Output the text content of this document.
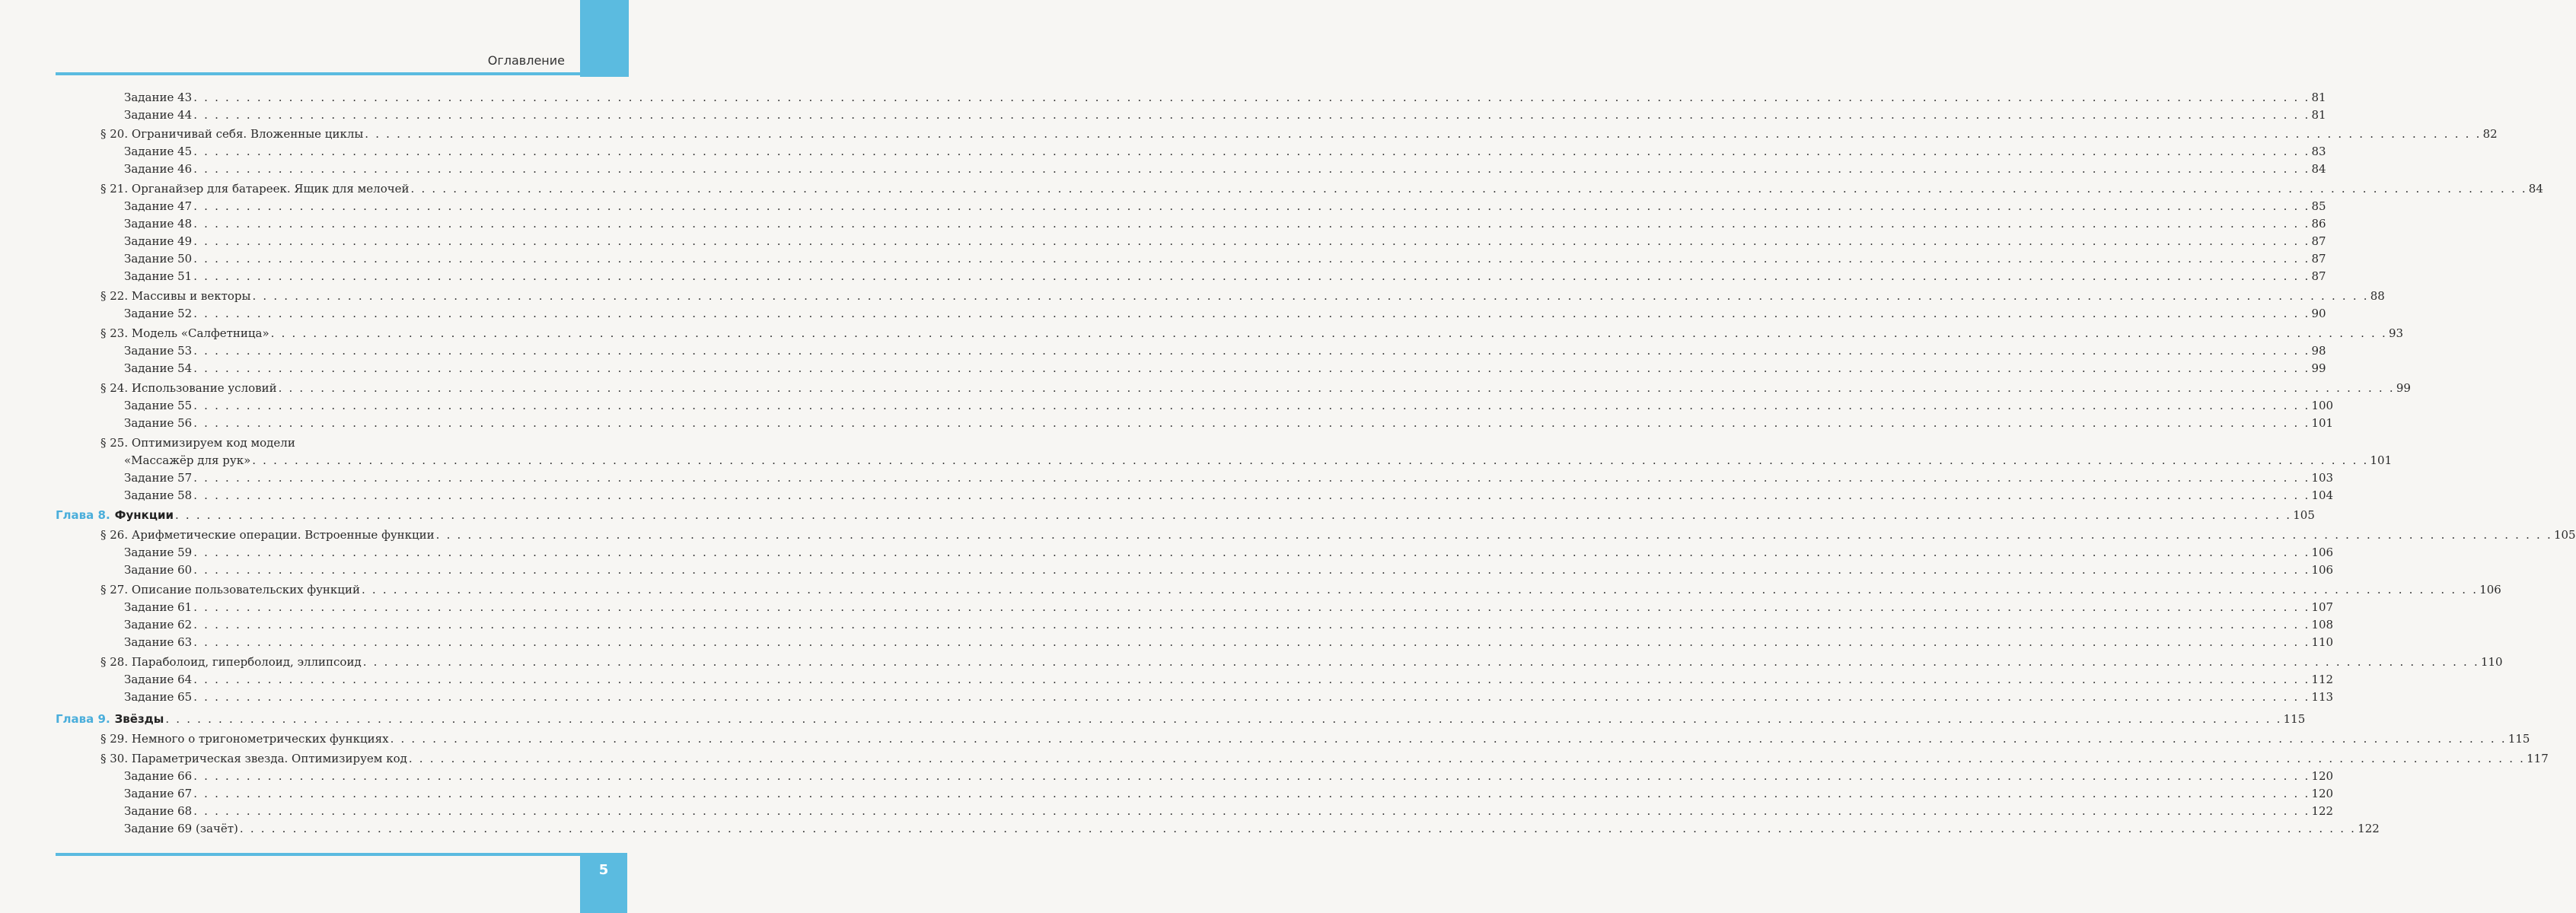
Оглавление
Задание 43 . . . . . . . . . . . . . . . . . . . . . . . . . . . . . . . . . . . . . . . . . . . . . . . . . . . . . . . . . . . . . . . . . . . . . . . . . . . . . . . . . . . . . . . . . . . . . . . . . . . . . . . . . . . . . . . . . . . . . . . . . . . . . . . . . . . . . . . . . . . . . . . . . . . . . . . . . . . . . . . . . . . . . . . . . . . . . . . . . . . . . . . . . . . . . . . . . . . . . . . . 81
Задание 44 . . . . . . . . . . . . . . . . . . . . . . . . . . . . . . . . . . . . . . . . . . . . . . . . . . . . . . . . . . . . . . . . . . . . . . . . . . . . . . . . . . . . . . . . . . . . . . . . . . . . . . . . . . . . . . . . . . . . . . . . . . . . . . . . . . . . . . . . . . . . . . . . . . . . . . . . . . . . . . . . . . . . . . . . . . . . . . . . . . . . . . . . . . . . . . . . . . . . . . . . 81
§ 20. Ограничивай себя. Вложенные циклы . . . . . . . . . . . . . . . . . . . . . . . . . . . . . . . . . . . . . . . . . . . . . . . . . . . . . . . . . . . . . . . . . . . . . . . . . . . . . . . . . . . . . . . . . . . . . . . . . . . . . . . . . . . . . . . . . . . . . . . . . . . . . . . . . . . . . . . . . . . . . . . . . . . . . . . . . . . . . . . . . . . . . . . . . . . . . . . . . . . . . . . . . . . . . . . . . . . . . . . . 82
Задание 45 . . . . . . . . . . . . . . . . . . . . . . . . . . . . . . . . . . . . . . . . . . . . . . . . . . . . . . . . . . . . . . . . . . . . . . . . . . . . . . . . . . . . . . . . . . . . . . . . . . . . . . . . . . . . . . . . . . . . . . . . . . . . . . . . . . . . . . . . . . . . . . . . . . . . . . . . . . . . . . . . . . . . . . . . . . . . . . . . . . . . . . . . . . . . . . . . . . . . . . . . 83
Задание 46 . . . . . . . . . . . . . . . . . . . . . . . . . . . . . . . . . . . . . . . . . . . . . . . . . . . . . . . . . . . . . . . . . . . . . . . . . . . . . . . . . . . . . . . . . . . . . . . . . . . . . . . . . . . . . . . . . . . . . . . . . . . . . . . . . . . . . . . . . . . . . . . . . . . . . . . . . . . . . . . . . . . . . . . . . . . . . . . . . . . . . . . . . . . . . . . . . . . . . . . . 84
§ 21. Органайзер для батареек. Ящик для мелочей . . . . . . . . . . . . . . . . . . . . . . . . . . . . . . . . . . . . . . . . . . . . . . . . . . . . . . . . . . . . . . . . . . . . . . . . . . . . . . . . . . . . . . . . . . . . . . . . . . . . . . . . . . . . . . . . . . . . . . . . . . . . . . . . . . . . . . . . . . . . . . . . . . . . . . . . . . . . . . . . . . . . . . . . . . . . . . . . . . . . . . . . . . . . . . . . . . . . . . . . 84
Задание 47 . . . . . . . . . . . . . . . . . . . . . . . . . . . . . . . . . . . . . . . . . . . . . . . . . . . . . . . . . . . . . . . . . . . . . . . . . . . . . . . . . . . . . . . . . . . . . . . . . . . . . . . . . . . . . . . . . . . . . . . . . . . . . . . . . . . . . . . . . . . . . . . . . . . . . . . . . . . . . . . . . . . . . . . . . . . . . . . . . . . . . . . . . . . . . . . . . . . . . . . . 85
Задание 48 . . . . . . . . . . . . . . . . . . . . . . . . . . . . . . . . . . . . . . . . . . . . . . . . . . . . . . . . . . . . . . . . . . . . . . . . . . . . . . . . . . . . . . . . . . . . . . . . . . . . . . . . . . . . . . . . . . . . . . . . . . . . . . . . . . . . . . . . . . . . . . . . . . . . . . . . . . . . . . . . . . . . . . . . . . . . . . . . . . . . . . . . . . . . . . . . . . . . . . . . 86
Задание 49 . . . . . . . . . . . . . . . . . . . . . . . . . . . . . . . . . . . . . . . . . . . . . . . . . . . . . . . . . . . . . . . . . . . . . . . . . . . . . . . . . . . . . . . . . . . . . . . . . . . . . . . . . . . . . . . . . . . . . . . . . . . . . . . . . . . . . . . . . . . . . . . . . . . . . . . . . . . . . . . . . . . . . . . . . . . . . . . . . . . . . . . . . . . . . . . . . . . . . . . . 87
Задание 50 . . . . . . . . . . . . . . . . . . . . . . . . . . . . . . . . . . . . . . . . . . . . . . . . . . . . . . . . . . . . . . . . . . . . . . . . . . . . . . . . . . . . . . . . . . . . . . . . . . . . . . . . . . . . . . . . . . . . . . . . . . . . . . . . . . . . . . . . . . . . . . . . . . . . . . . . . . . . . . . . . . . . . . . . . . . . . . . . . . . . . . . . . . . . . . . . . . . . . . . . 87
Задание 51 . . . . . . . . . . . . . . . . . . . . . . . . . . . . . . . . . . . . . . . . . . . . . . . . . . . . . . . . . . . . . . . . . . . . . . . . . . . . . . . . . . . . . . . . . . . . . . . . . . . . . . . . . . . . . . . . . . . . . . . . . . . . . . . . . . . . . . . . . . . . . . . . . . . . . . . . . . . . . . . . . . . . . . . . . . . . . . . . . . . . . . . . . . . . . . . . . . . . . . . . 87
§ 22. Массивы и векторы . . . . . . . . . . . . . . . . . . . . . . . . . . . . . . . . . . . . . . . . . . . . . . . . . . . . . . . . . . . . . . . . . . . . . . . . . . . . . . . . . . . . . . . . . . . . . . . . . . . . . . . . . . . . . . . . . . . . . . . . . . . . . . . . . . . . . . . . . . . . . . . . . . . . . . . . . . . . . . . . . . . . . . . . . . . . . . . . . . . . . . . . . . . . . . . . . . . . . . . . 88
Задание 52 . . . . . . . . . . . . . . . . . . . . . . . . . . . . . . . . . . . . . . . . . . . . . . . . . . . . . . . . . . . . . . . . . . . . . . . . . . . . . . . . . . . . . . . . . . . . . . . . . . . . . . . . . . . . . . . . . . . . . . . . . . . . . . . . . . . . . . . . . . . . . . . . . . . . . . . . . . . . . . . . . . . . . . . . . . . . . . . . . . . . . . . . . . . . . . . . . . . . . . . . 90
§ 23. Модель «Салфетница» . . . . . . . . . . . . . . . . . . . . . . . . . . . . . . . . . . . . . . . . . . . . . . . . . . . . . . . . . . . . . . . . . . . . . . . . . . . . . . . . . . . . . . . . . . . . . . . . . . . . . . . . . . . . . . . . . . . . . . . . . . . . . . . . . . . . . . . . . . . . . . . . . . . . . . . . . . . . . . . . . . . . . . . . . . . . . . . . . . . . . . . . . . . . . . . . . . . . . . . . 93
Задание 53 . . . . . . . . . . . . . . . . . . . . . . . . . . . . . . . . . . . . . . . . . . . . . . . . . . . . . . . . . . . . . . . . . . . . . . . . . . . . . . . . . . . . . . . . . . . . . . . . . . . . . . . . . . . . . . . . . . . . . . . . . . . . . . . . . . . . . . . . . . . . . . . . . . . . . . . . . . . . . . . . . . . . . . . . . . . . . . . . . . . . . . . . . . . . . . . . . . . . . . . . 98
Задание 54 . . . . . . . . . . . . . . . . . . . . . . . . . . . . . . . . . . . . . . . . . . . . . . . . . . . . . . . . . . . . . . . . . . . . . . . . . . . . . . . . . . . . . . . . . . . . . . . . . . . . . . . . . . . . . . . . . . . . . . . . . . . . . . . . . . . . . . . . . . . . . . . . . . . . . . . . . . . . . . . . . . . . . . . . . . . . . . . . . . . . . . . . . . . . . . . . . . . . . . . . 99
§ 24. Использование условий . . . . . . . . . . . . . . . . . . . . . . . . . . . . . . . . . . . . . . . . . . . . . . . . . . . . . . . . . . . . . . . . . . . . . . . . . . . . . . . . . . . . . . . . . . . . . . . . . . . . . . . . . . . . . . . . . . . . . . . . . . . . . . . . . . . . . . . . . . . . . . . . . . . . . . . . . . . . . . . . . . . . . . . . . . . . . . . . . . . . . . . . . . . . . . . . . . . . . . . . 99
Задание 55 . . . . . . . . . . . . . . . . . . . . . . . . . . . . . . . . . . . . . . . . . . . . . . . . . . . . . . . . . . . . . . . . . . . . . . . . . . . . . . . . . . . . . . . . . . . . . . . . . . . . . . . . . . . . . . . . . . . . . . . . . . . . . . . . . . . . . . . . . . . . . . . . . . . . . . . . . . . . . . . . . . . . . . . . . . . . . . . . . . . . . . . . . . . . . . . . . . . . . . . . 100
Задание 56 . . . . . . . . . . . . . . . . . . . . . . . . . . . . . . . . . . . . . . . . . . . . . . . . . . . . . . . . . . . . . . . . . . . . . . . . . . . . . . . . . . . . . . . . . . . . . . . . . . . . . . . . . . . . . . . . . . . . . . . . . . . . . . . . . . . . . . . . . . . . . . . . . . . . . . . . . . . . . . . . . . . . . . . . . . . . . . . . . . . . . . . . . . . . . . . . . . . . . . . . 101
§ 25. Оптимизируем код модели
«Массажёр для рук» . . . . . . . . . . . . . . . . . . . . . . . . . . . . . . . . . . . . . . . . . . . . . . . . . . . . . . . . . . . . . . . . . . . . . . . . . . . . . . . . . . . . . . . . . . . . . . . . . . . . . . . . . . . . . . . . . . . . . . . . . . . . . . . . . . . . . . . . . . . . . . . . . . . . . . . . . . . . . . . . . . . . . . . . . . . . . . . . . . . . . . . . . . . . . . . . . . . . . . . . 101
Задание 57 . . . . . . . . . . . . . . . . . . . . . . . . . . . . . . . . . . . . . . . . . . . . . . . . . . . . . . . . . . . . . . . . . . . . . . . . . . . . . . . . . . . . . . . . . . . . . . . . . . . . . . . . . . . . . . . . . . . . . . . . . . . . . . . . . . . . . . . . . . . . . . . . . . . . . . . . . . . . . . . . . . . . . . . . . . . . . . . . . . . . . . . . . . . . . . . . . . . . . . . . 103
Задание 58 . . . . . . . . . . . . . . . . . . . . . . . . . . . . . . . . . . . . . . . . . . . . . . . . . . . . . . . . . . . . . . . . . . . . . . . . . . . . . . . . . . . . . . . . . . . . . . . . . . . . . . . . . . . . . . . . . . . . . . . . . . . . . . . . . . . . . . . . . . . . . . . . . . . . . . . . . . . . . . . . . . . . . . . . . . . . . . . . . . . . . . . . . . . . . . . . . . . . . . . . 104
Глава 8. Функции . . . . . . . . . . . . . . . . . . . . . . . . . . . . . . . . . . . . . . . . . . . . . . . . . . . . . . . . . . . . . . . . . . . . . . . . . . . . . . . . . . . . . . . . . . . . . . . . . . . . . . . . . . . . . . . . . . . . . . . . . . . . . . . . . . . . . . . . . . . . . . . . . . . . . . . . . . . . . . . . . . . . . . . . . . . . . . . . . . . . . . . . . . . . . . . . . . . . . . . . 105
§ 26. Арифметические операции. Встроенные функции . . . . . . . . . . . . . . . . . . . . . . . . . . . . . . . . . . . . . . . . . . . . . . . . . . . . . . . . . . . . . . . . . . . . . . . . . . . . . . . . . . . . . . . . . . . . . . . . . . . . . . . . . . . . . . . . . . . . . . . . . . . . . . . . . . . . . . . . . . . . . . . . . . . . . . . . . . . . . . . . . . . . . . . . . . . . . . . . . . . . . . . . . . . . . . . . . . . . . . . . 105
Задание 59 . . . . . . . . . . . . . . . . . . . . . . . . . . . . . . . . . . . . . . . . . . . . . . . . . . . . . . . . . . . . . . . . . . . . . . . . . . . . . . . . . . . . . . . . . . . . . . . . . . . . . . . . . . . . . . . . . . . . . . . . . . . . . . . . . . . . . . . . . . . . . . . . . . . . . . . . . . . . . . . . . . . . . . . . . . . . . . . . . . . . . . . . . . . . . . . . . . . . . . . . 106
Задание 60 . . . . . . . . . . . . . . . . . . . . . . . . . . . . . . . . . . . . . . . . . . . . . . . . . . . . . . . . . . . . . . . . . . . . . . . . . . . . . . . . . . . . . . . . . . . . . . . . . . . . . . . . . . . . . . . . . . . . . . . . . . . . . . . . . . . . . . . . . . . . . . . . . . . . . . . . . . . . . . . . . . . . . . . . . . . . . . . . . . . . . . . . . . . . . . . . . . . . . . . . 106
§ 27. Описание пользовательских функций . . . . . . . . . . . . . . . . . . . . . . . . . . . . . . . . . . . . . . . . . . . . . . . . . . . . . . . . . . . . . . . . . . . . . . . . . . . . . . . . . . . . . . . . . . . . . . . . . . . . . . . . . . . . . . . . . . . . . . . . . . . . . . . . . . . . . . . . . . . . . . . . . . . . . . . . . . . . . . . . . . . . . . . . . . . . . . . . . . . . . . . . . . . . . . . . . . . . . . . . 106
Задание 61 . . . . . . . . . . . . . . . . . . . . . . . . . . . . . . . . . . . . . . . . . . . . . . . . . . . . . . . . . . . . . . . . . . . . . . . . . . . . . . . . . . . . . . . . . . . . . . . . . . . . . . . . . . . . . . . . . . . . . . . . . . . . . . . . . . . . . . . . . . . . . . . . . . . . . . . . . . . . . . . . . . . . . . . . . . . . . . . . . . . . . . . . . . . . . . . . . . . . . . . . 107
Задание 62 . . . . . . . . . . . . . . . . . . . . . . . . . . . . . . . . . . . . . . . . . . . . . . . . . . . . . . . . . . . . . . . . . . . . . . . . . . . . . . . . . . . . . . . . . . . . . . . . . . . . . . . . . . . . . . . . . . . . . . . . . . . . . . . . . . . . . . . . . . . . . . . . . . . . . . . . . . . . . . . . . . . . . . . . . . . . . . . . . . . . . . . . . . . . . . . . . . . . . . . . 108
Задание 63 . . . . . . . . . . . . . . . . . . . . . . . . . . . . . . . . . . . . . . . . . . . . . . . . . . . . . . . . . . . . . . . . . . . . . . . . . . . . . . . . . . . . . . . . . . . . . . . . . . . . . . . . . . . . . . . . . . . . . . . . . . . . . . . . . . . . . . . . . . . . . . . . . . . . . . . . . . . . . . . . . . . . . . . . . . . . . . . . . . . . . . . . . . . . . . . . . . . . . . . . 110
§ 28. Параболоид, гиперболоид, эллипсоид . . . . . . . . . . . . . . . . . . . . . . . . . . . . . . . . . . . . . . . . . . . . . . . . . . . . . . . . . . . . . . . . . . . . . . . . . . . . . . . . . . . . . . . . . . . . . . . . . . . . . . . . . . . . . . . . . . . . . . . . . . . . . . . . . . . . . . . . . . . . . . . . . . . . . . . . . . . . . . . . . . . . . . . . . . . . . . . . . . . . . . . . . . . . . . . . . . . . . . . . 110
Задание 64 . . . . . . . . . . . . . . . . . . . . . . . . . . . . . . . . . . . . . . . . . . . . . . . . . . . . . . . . . . . . . . . . . . . . . . . . . . . . . . . . . . . . . . . . . . . . . . . . . . . . . . . . . . . . . . . . . . . . . . . . . . . . . . . . . . . . . . . . . . . . . . . . . . . . . . . . . . . . . . . . . . . . . . . . . . . . . . . . . . . . . . . . . . . . . . . . . . . . . . . . 112
Задание 65 . . . . . . . . . . . . . . . . . . . . . . . . . . . . . . . . . . . . . . . . . . . . . . . . . . . . . . . . . . . . . . . . . . . . . . . . . . . . . . . . . . . . . . . . . . . . . . . . . . . . . . . . . . . . . . . . . . . . . . . . . . . . . . . . . . . . . . . . . . . . . . . . . . . . . . . . . . . . . . . . . . . . . . . . . . . . . . . . . . . . . . . . . . . . . . . . . . . . . . . . 113
Глава 9. Звёзды . . . . . . . . . . . . . . . . . . . . . . . . . . . . . . . . . . . . . . . . . . . . . . . . . . . . . . . . . . . . . . . . . . . . . . . . . . . . . . . . . . . . . . . . . . . . . . . . . . . . . . . . . . . . . . . . . . . . . . . . . . . . . . . . . . . . . . . . . . . . . . . . . . . . . . . . . . . . . . . . . . . . . . . . . . . . . . . . . . . . . . . . . . . . . . . . . . . . . . . . 115
§ 29. Немного о тригонометрических функциях . . . . . . . . . . . . . . . . . . . . . . . . . . . . . . . . . . . . . . . . . . . . . . . . . . . . . . . . . . . . . . . . . . . . . . . . . . . . . . . . . . . . . . . . . . . . . . . . . . . . . . . . . . . . . . . . . . . . . . . . . . . . . . . . . . . . . . . . . . . . . . . . . . . . . . . . . . . . . . . . . . . . . . . . . . . . . . . . . . . . . . . . . . . . . . . . . . . . . . . . 115
§ 30. Параметрическая звезда. Оптимизируем код . . . . . . . . . . . . . . . . . . . . . . . . . . . . . . . . . . . . . . . . . . . . . . . . . . . . . . . . . . . . . . . . . . . . . . . . . . . . . . . . . . . . . . . . . . . . . . . . . . . . . . . . . . . . . . . . . . . . . . . . . . . . . . . . . . . . . . . . . . . . . . . . . . . . . . . . . . . . . . . . . . . . . . . . . . . . . . . . . . . . . . . . . . . . . . . . . . . . . . . . 117
Задание 66 . . . . . . . . . . . . . . . . . . . . . . . . . . . . . . . . . . . . . . . . . . . . . . . . . . . . . . . . . . . . . . . . . . . . . . . . . . . . . . . . . . . . . . . . . . . . . . . . . . . . . . . . . . . . . . . . . . . . . . . . . . . . . . . . . . . . . . . . . . . . . . . . . . . . . . . . . . . . . . . . . . . . . . . . . . . . . . . . . . . . . . . . . . . . . . . . . . . . . . . . 120
Задание 67 . . . . . . . . . . . . . . . . . . . . . . . . . . . . . . . . . . . . . . . . . . . . . . . . . . . . . . . . . . . . . . . . . . . . . . . . . . . . . . . . . . . . . . . . . . . . . . . . . . . . . . . . . . . . . . . . . . . . . . . . . . . . . . . . . . . . . . . . . . . . . . . . . . . . . . . . . . . . . . . . . . . . . . . . . . . . . . . . . . . . . . . . . . . . . . . . . . . . . . . . 120
Задание 68 . . . . . . . . . . . . . . . . . . . . . . . . . . . . . . . . . . . . . . . . . . . . . . . . . . . . . . . . . . . . . . . . . . . . . . . . . . . . . . . . . . . . . . . . . . . . . . . . . . . . . . . . . . . . . . . . . . . . . . . . . . . . . . . . . . . . . . . . . . . . . . . . . . . . . . . . . . . . . . . . . . . . . . . . . . . . . . . . . . . . . . . . . . . . . . . . . . . . . . . . 122
Задание 69 (зачёт) . . . . . . . . . . . . . . . . . . . . . . . . . . . . . . . . . . . . . . . . . . . . . . . . . . . . . . . . . . . . . . . . . . . . . . . . . . . . . . . . . . . . . . . . . . . . . . . . . . . . . . . . . . . . . . . . . . . . . . . . . . . . . . . . . . . . . . . . . . . . . . . . . . . . . . . . . . . . . . . . . . . . . . . . . . . . . . . . . . . . . . . . . . . . . . . . . . . . . . . . 122
5
